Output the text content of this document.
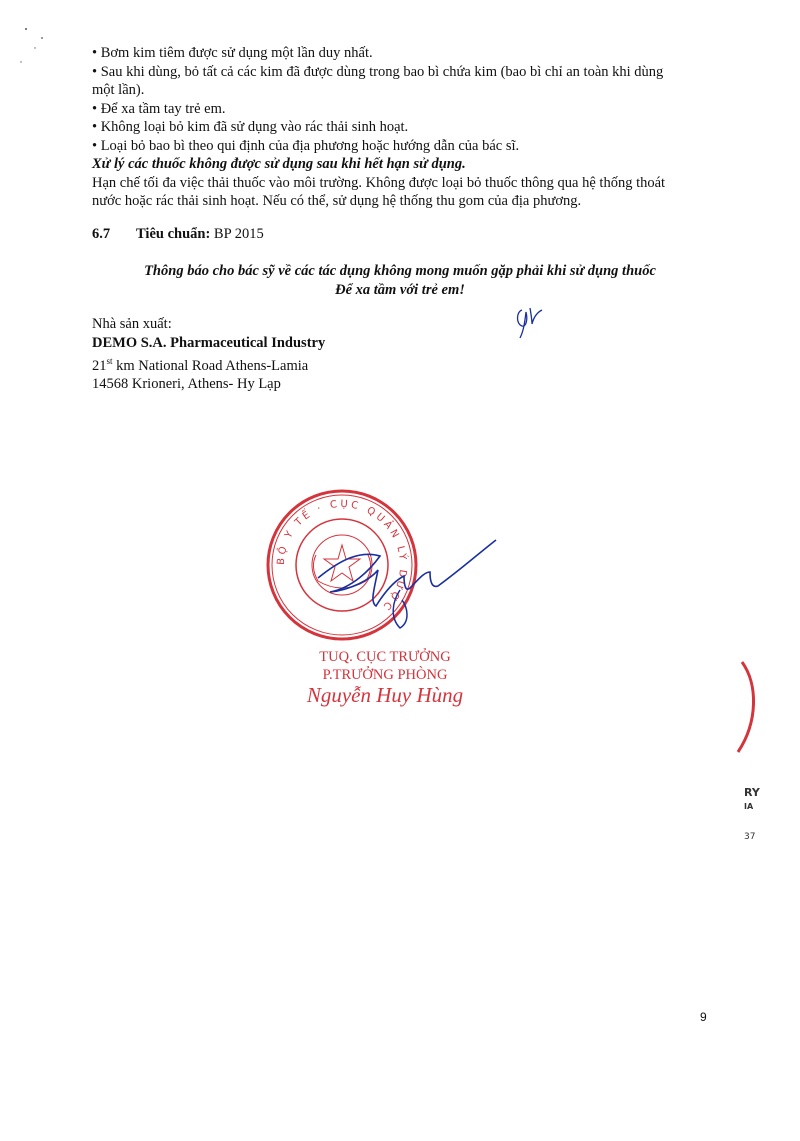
• Bơm kim tiêm được sử dụng một lần duy nhất.
• Sau khi dùng, bỏ tất cả các kim đã được dùng trong bao bì chứa kim (bao bì chỉ an toàn khi dùng
một lần).
• Để xa tầm tay trẻ em.
• Không loại bỏ kim đã sử dụng vào rác thải sinh hoạt.
• Loại bỏ bao bì theo qui định của địa phương hoặc hướng dẫn của bác sĩ.
Xử lý các thuốc không được sử dụng sau khi hết hạn sử dụng.
Hạn chế tối đa việc thải thuốc vào môi trường. Không được loại bỏ thuốc thông qua hệ thống thoát
nước hoặc rác thải sinh hoạt. Nếu có thể, sử dụng hệ thống thu gom của địa phương.
6.7 Tiêu chuẩn: BP 2015
Thông báo cho bác sỹ về các tác dụng không mong muốn gặp phải khi sử dụng thuốc
Để xa tầm với trẻ em!
Nhà sản xuất:
DEMO S.A. Pharmaceutical Industry
21st km National Road Athens-Lamia
14568 Krioneri, Athens- Hy Lạp
BỘ Y TẾ · CỤC QUẢN LÝ DƯỢC
TUQ. CỤC TRƯỞNG
P.TRƯỞNG PHÒNG
Nguyễn Huy Hùng
RY
IA
37
9
